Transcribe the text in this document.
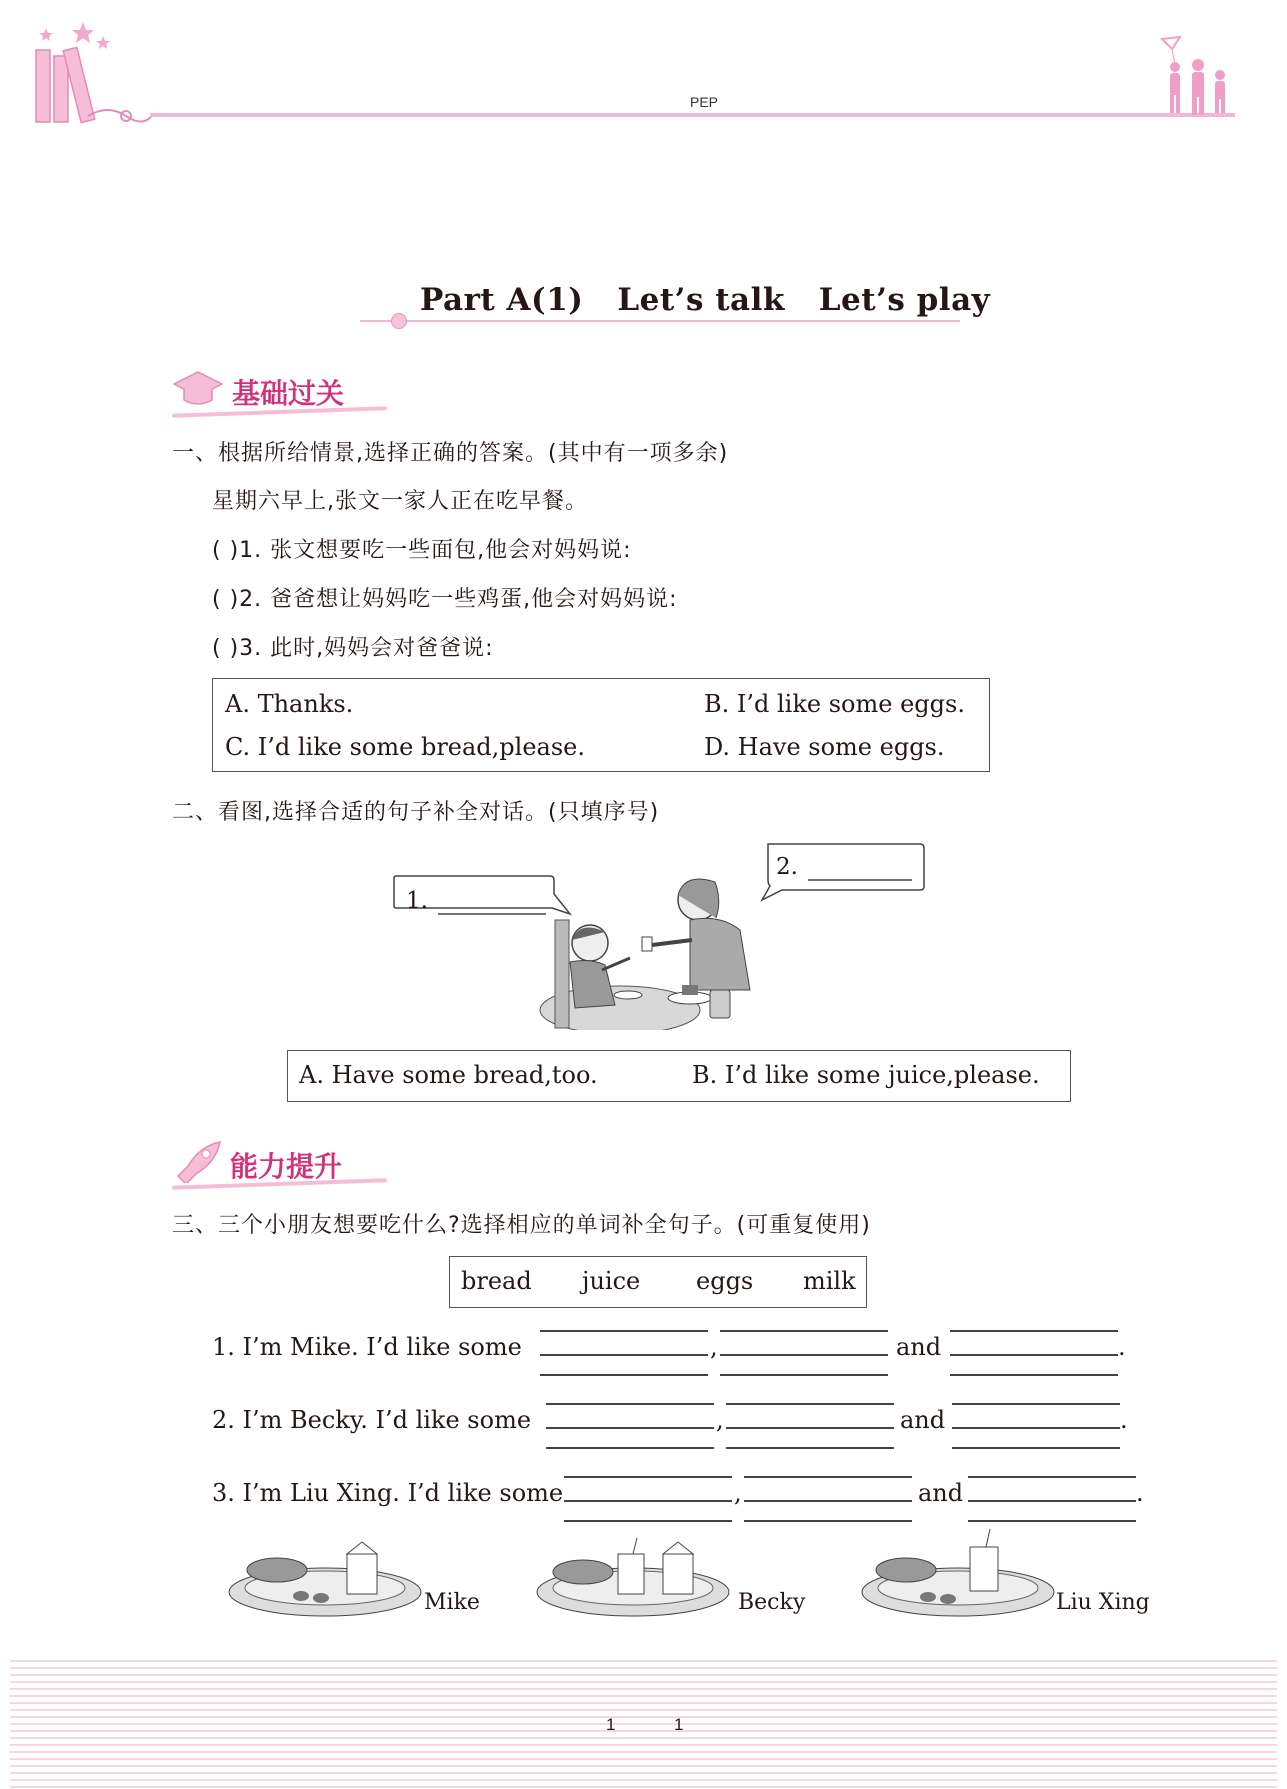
PEP
Part A(1)   Let’s talk   Let’s play
基础过关
一、根据所给情景,选择正确的答案。(其中有一项多余)
星期六早上,张文一家人正在吃早餐。
( )1. 张文想要吃一些面包,他会对妈妈说:
( )2. 爸爸想让妈妈吃一些鸡蛋,他会对妈妈说:
( )3. 此时,妈妈会对爸爸说:
A. Thanks.	B. I’d like some eggs.
C. I’d like some bread,please.	D. Have some eggs.
二、看图,选择合适的句子补全对话。(只填序号)
1.
2.
A. Have some bread,too.	B. I’d like some juice,please.
能力提升
三、三个小朋友想要吃什么?选择相应的单词补全句子。(可重复使用)
bread juice eggs milk
1. I’m Mike. I’d like some	,	and	.
2. I’m Becky. I’d like some	,	and	.
3. I’m Liu Xing. I’d like some	,	and	.
Mike	Becky	Liu Xing
1	1
